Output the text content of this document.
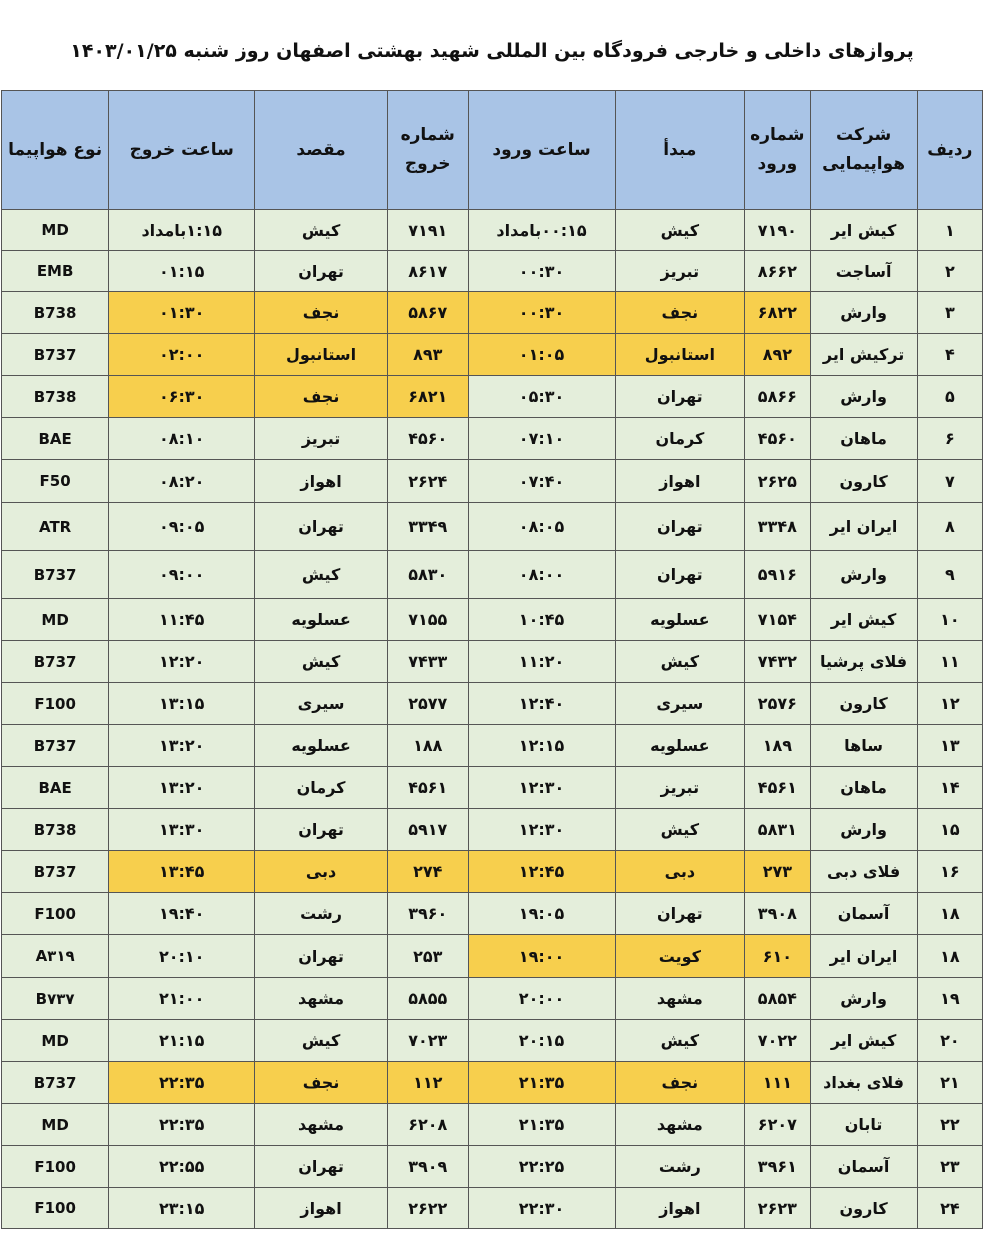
پروازهای داخلی و خارجی فرودگاه بین المللی شهید بهشتی اصفهان روز شنبه ۱۴۰۳/۰۱/۲۵
ردیف	شرکت هواپیمایی	شماره ورود	مبدأ	ساعت ورود	شماره خروج	مقصد	ساعت خروج	نوع هواپیما
۱	کیش ایر	۷۱۹۰	کیش	۰۰:۱۵بامداد	۷۱۹۱	کیش	۱:۱۵بامداد	MD
۲	آساجت	۸۶۶۲	تبریز	۰۰:۳۰	۸۶۱۷	تهران	۰۱:۱۵	EMB
۳	وارش	۶۸۲۲	نجف	۰۰:۳۰	۵۸۶۷	نجف	۰۱:۳۰	B738
۴	ترکیش ایر	۸۹۲	استانبول	۰۱:۰۵	۸۹۳	استانبول	۰۲:۰۰	B737
۵	وارش	۵۸۶۶	تهران	۰۵:۳۰	۶۸۲۱	نجف	۰۶:۳۰	B738
۶	ماهان	۴۵۶۰	کرمان	۰۷:۱۰	۴۵۶۰	تبریز	۰۸:۱۰	BAE
۷	کارون	۲۶۲۵	اهواز	۰۷:۴۰	۲۶۲۴	اهواز	۰۸:۲۰	F50
۸	ایران ایر	۳۳۴۸	تهران	۰۸:۰۵	۳۳۴۹	تهران	۰۹:۰۵	ATR
۹	وارش	۵۹۱۶	تهران	۰۸:۰۰	۵۸۳۰	کیش	۰۹:۰۰	B737
۱۰	کیش ایر	۷۱۵۴	عسلویه	۱۰:۴۵	۷۱۵۵	عسلویه	۱۱:۴۵	MD
۱۱	فلای پرشیا	۷۴۳۲	کیش	۱۱:۲۰	۷۴۳۳	کیش	۱۲:۲۰	B737
۱۲	کارون	۲۵۷۶	سیری	۱۲:۴۰	۲۵۷۷	سیری	۱۳:۱۵	F100
۱۳	ساها	۱۸۹	عسلویه	۱۲:۱۵	۱۸۸	عسلویه	۱۳:۲۰	B737
۱۴	ماهان	۴۵۶۱	تبریز	۱۲:۳۰	۴۵۶۱	کرمان	۱۳:۲۰	BAE
۱۵	وارش	۵۸۳۱	کیش	۱۲:۳۰	۵۹۱۷	تهران	۱۳:۳۰	B738
۱۶	فلای دبی	۲۷۳	دبی	۱۲:۴۵	۲۷۴	دبی	۱۳:۴۵	B737
۱۸	آسمان	۳۹۰۸	تهران	۱۹:۰۵	۳۹۶۰	رشت	۱۹:۴۰	F100
۱۸	ایران ایر	۶۱۰	کویت	۱۹:۰۰	۲۵۳	تهران	۲۰:۱۰	A۳۱۹
۱۹	وارش	۵۸۵۴	مشهد	۲۰:۰۰	۵۸۵۵	مشهد	۲۱:۰۰	B۷۳۷
۲۰	کیش ایر	۷۰۲۲	کیش	۲۰:۱۵	۷۰۲۳	کیش	۲۱:۱۵	MD
۲۱	فلای بغداد	۱۱۱	نجف	۲۱:۳۵	۱۱۲	نجف	۲۲:۳۵	B737
۲۲	تابان	۶۲۰۷	مشهد	۲۱:۳۵	۶۲۰۸	مشهد	۲۲:۳۵	MD
۲۳	آسمان	۳۹۶۱	رشت	۲۲:۲۵	۳۹۰۹	تهران	۲۲:۵۵	F100
۲۴	کارون	۲۶۲۳	اهواز	۲۲:۳۰	۲۶۲۲	اهواز	۲۳:۱۵	F100
